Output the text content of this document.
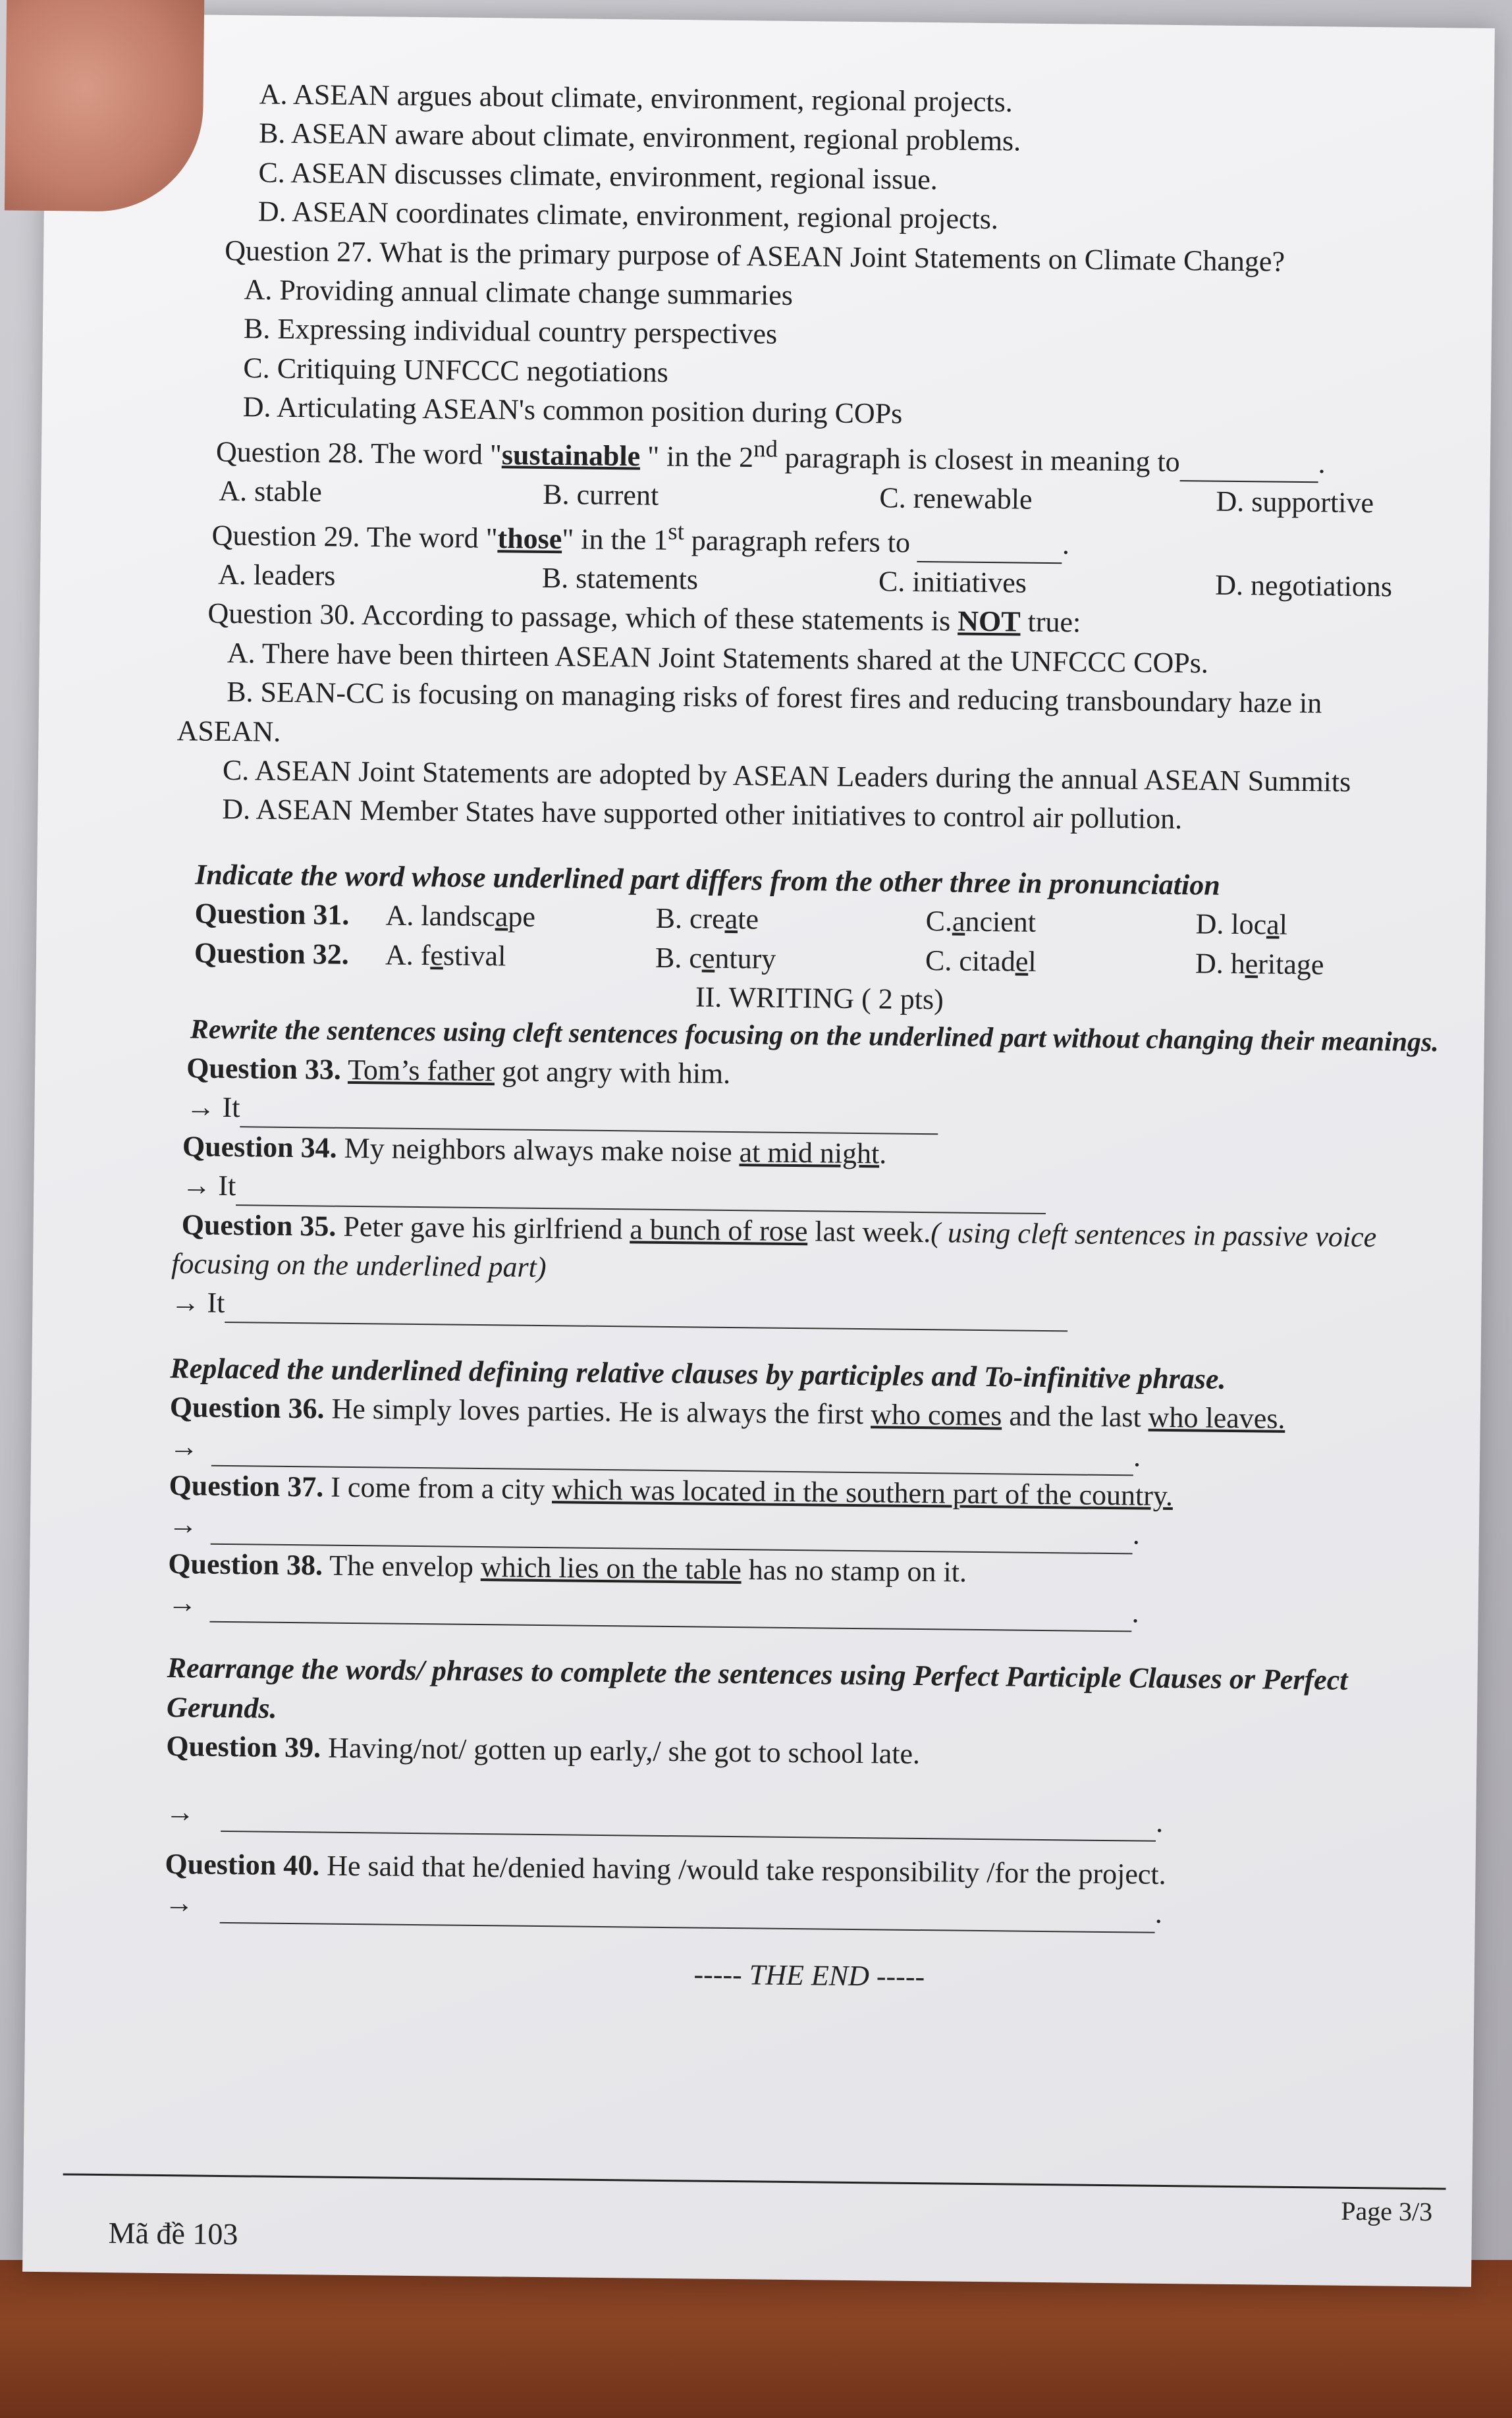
A. ASEAN argues about climate, environment, regional projects.
B. ASEAN aware about climate, environment, regional problems.
C. ASEAN discusses climate, environment, regional issue.
D. ASEAN coordinates climate, environment, regional projects.
Question 27. What is the primary purpose of ASEAN Joint Statements on Climate Change?
A. Providing annual climate change summaries
B. Expressing individual country perspectives
C. Critiquing UNFCCC negotiations
D. Articulating ASEAN's common position during COPs
Question 28. The word "sustainable " in the 2nd paragraph is closest in meaning to	.
A. stable	B. current	C. renewable	D. supportive
Question 29. The word "those" in the 1st paragraph refers to	.
A. leaders	B. statements	C. initiatives	D. negotiations
Question 30. According to passage, which of these statements is NOT true:
A. There have been thirteen ASEAN Joint Statements shared at the UNFCCC COPs.
B. SEAN-CC is focusing on managing risks of forest fires and reducing transboundary haze in
ASEAN.
C. ASEAN Joint Statements are adopted by ASEAN Leaders during the annual ASEAN Summits
D. ASEAN Member States have supported other initiatives to control air pollution.
Indicate the word whose underlined part differs from the other three in pronunciation
Question 31.	A. landscape	B. create	C.ancient	D. local
Question 32.	A. festival	B. century	C. citadel	D. heritage
II. WRITING ( 2 pts)
Rewrite the sentences using cleft sentences focusing on the underlined part without changing their meanings.
Question 33. Tom’s father got angry with him.
→ It
Question 34. My neighbors always make noise at mid night.
→ It
Question 35. Peter gave his girlfriend a bunch of rose last week.( using cleft sentences in passive voice
focusing on the underlined part)
→ It
Replaced the underlined defining relative clauses by participles and To-infinitive phrase.
Question 36. He simply loves parties. He is always the first who comes and the last who leaves.
→	.
Question 37. I come from a city which was located in the southern part of the country.
→	.
Question 38. The envelop which lies on the table has no stamp on it.
→	.
Rearrange the words/ phrases to complete the sentences using Perfect Participle Clauses or Perfect
Gerunds.
Question 39. Having/not/ gotten up early,/ she got to school late.
→	.
Question 40. He said that he/denied having /would take responsibility /for the project.
→	.
----- THE END -----
Page 3/3
Mã đề 103
